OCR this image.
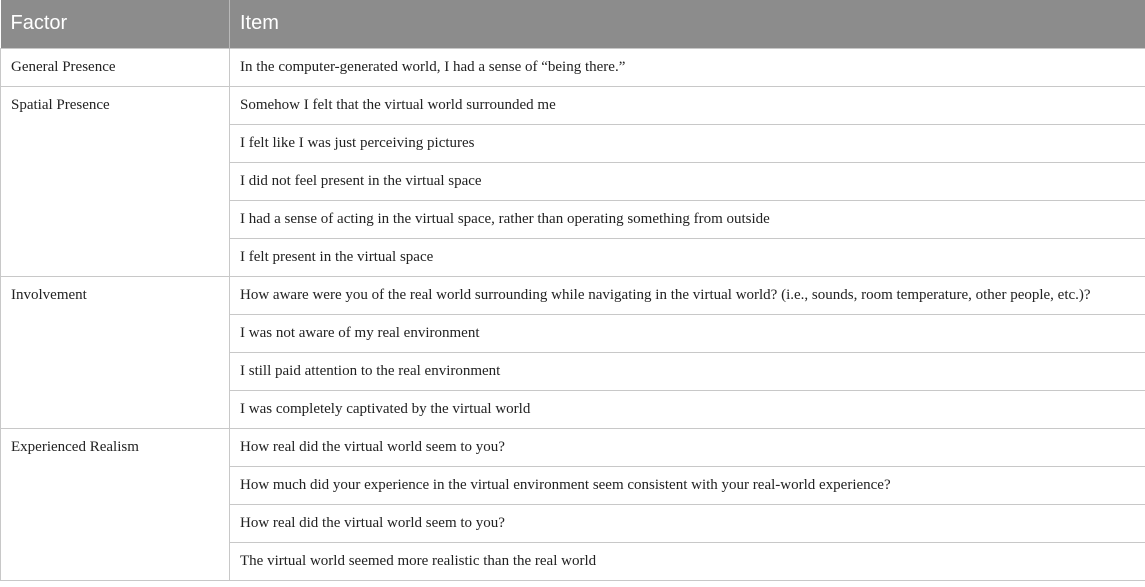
Factor	Item
General Presence	In the computer-generated world, I had a sense of “being there.”
Spatial Presence	Somehow I felt that the virtual world surrounded me
	I felt like I was just perceiving pictures
	I did not feel present in the virtual space
	I had a sense of acting in the virtual space, rather than operating something from outside
	I felt present in the virtual space
Involvement	How aware were you of the real world surrounding while navigating in the virtual world? (i.e., sounds, room temperature, other people, etc.)?
	I was not aware of my real environment
	I still paid attention to the real environment
	I was completely captivated by the virtual world
Experienced Realism	How real did the virtual world seem to you?
	How much did your experience in the virtual environment seem consistent with your real-world experience?
	How real did the virtual world seem to you?
	The virtual world seemed more realistic than the real world
